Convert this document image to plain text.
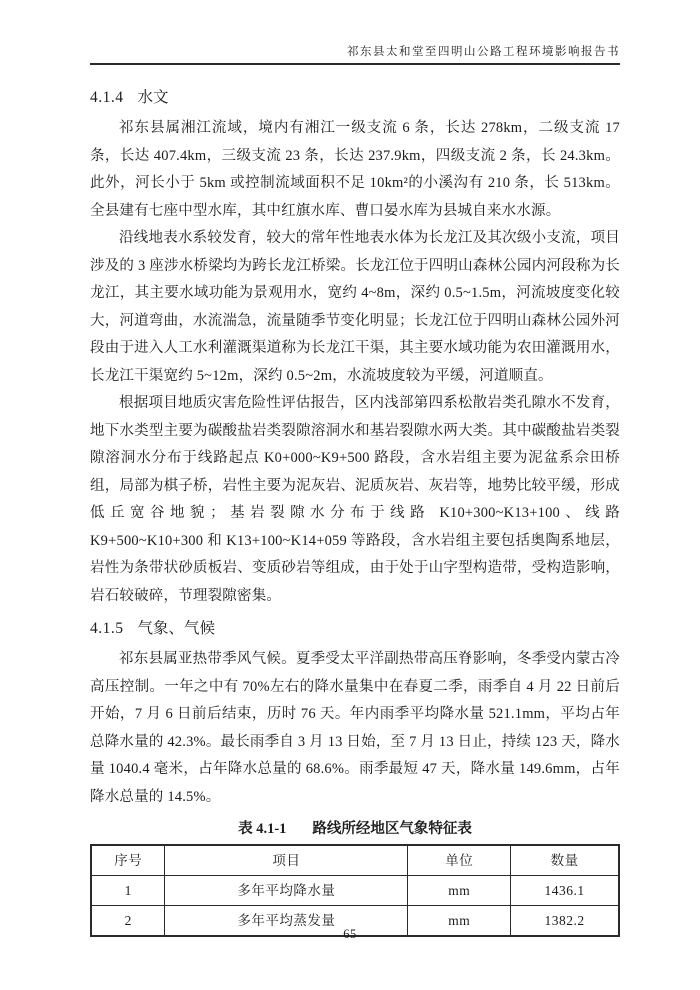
祁东县太和堂至四明山公路工程环境影响报告书
4.1.4 水文

祁东县属湘江流域，境内有湘江一级支流 6 条，长达 278km，二级支流 17 条，长达 407.4km，三级支流 23 条，长达 237.9km，四级支流 2 条，长 24.3km。此外，河长小于 5km 或控制流域面积不足 10km²的小溪沟有 210 条，长 513km。全县建有七座中型水库，其中红旗水库、曹口晏水库为县城自来水水源。

沿线地表水系较发育，较大的常年性地表水体为长龙江及其次级小支流，项目涉及的 3 座涉水桥梁均为跨长龙江桥梁。长龙江位于四明山森林公园内河段称为长龙江，其主要水域功能为景观用水，宽约 4~8m，深约 0.5~1.5m，河流坡度变化较大，河道弯曲，水流湍急，流量随季节变化明显；长龙江位于四明山森林公园外河段由于进入人工水利灌溉渠道称为长龙江干渠，其主要水域功能为农田灌溉用水，长龙江干渠宽约 5~12m，深约 0.5~2m，水流坡度较为平缓，河道顺直。

根据项目地质灾害危险性评估报告，区内浅部第四系松散岩类孔隙水不发育，地下水类型主要为碳酸盐岩类裂隙溶洞水和基岩裂隙水两大类。其中碳酸盐岩类裂隙溶洞水分布于线路起点 K0+000~K9+500 路段，含水岩组主要为泥盆系佘田桥组，局部为棋子桥，岩性主要为泥灰岩、泥质灰岩、灰岩等，地势比较平缓，形成低丘宽谷地貌；基岩裂隙水分布于线路 K10+300~K13+100、线路 K9+500~K10+300 和 K13+100~K14+059 等路段，含水岩组主要包括奥陶系地层，岩性为条带状砂质板岩、变质砂岩等组成，由于处于山字型构造带，受构造影响，岩石较破碎，节理裂隙密集。

4.1.5 气象、气候

祁东县属亚热带季风气候。夏季受太平洋副热带高压脊影响，冬季受内蒙古冷高压控制。一年之中有 70%左右的降水量集中在春夏二季，雨季自 4 月 22 日前后开始，7 月 6 日前后结束，历时 76 天。年内雨季平均降水量 521.1mm，平均占年总降水量的 42.3%。最长雨季自 3 月 13 日始，至 7 月 13 日止，持续 123 天，降水量 1040.4 毫米，占年降水总量的 68.6%。雨季最短 47 天，降水量 149.6mm，占年降水总量的 14.5%。

表 4.1-1 路线所经地区气象特征表
序号	项目	单位	数量
1	多年平均降水量	mm	1436.1
2	多年平均蒸发量	mm	1382.2
65
